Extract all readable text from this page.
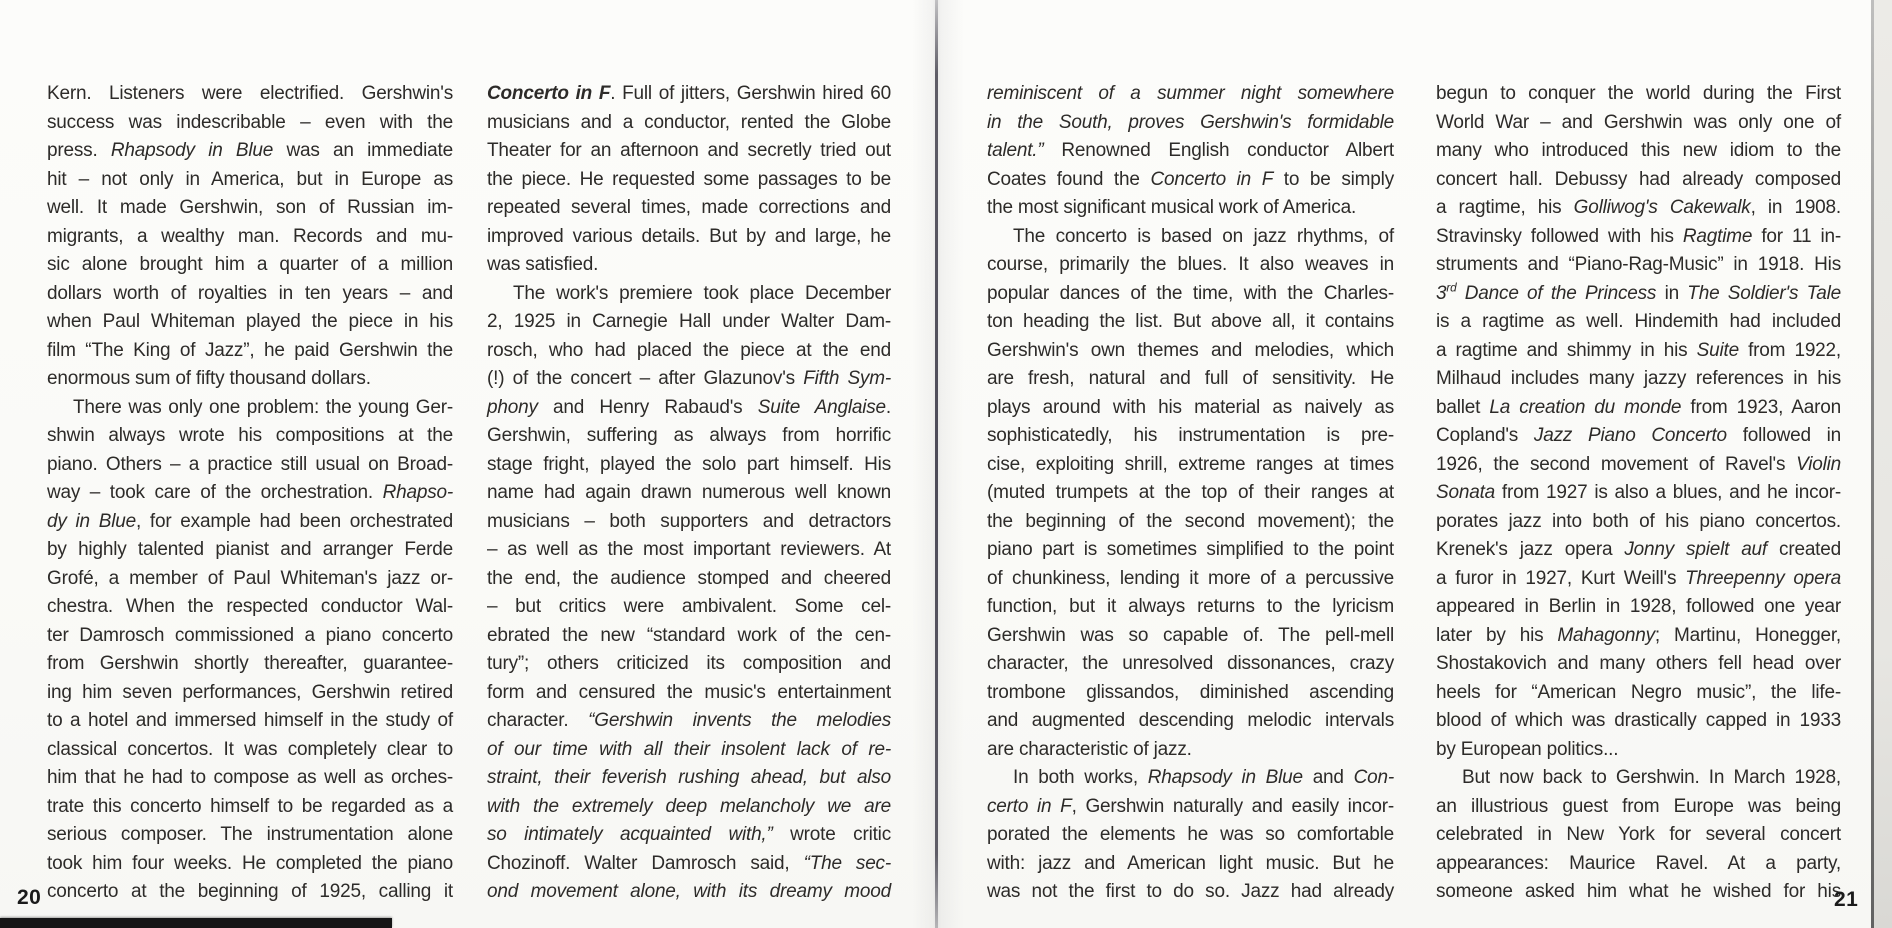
Kern. Listeners were electrified. Gershwin's
success was indescribable – even with the
press. Rhapsody in Blue was an immediate
hit – not only in America, but in Europe as
well. It made Gershwin, son of Russian im-
migrants, a wealthy man. Records and mu-
sic alone brought him a quarter of a million
dollars worth of royalties in ten years – and
when Paul Whiteman played the piece in his
film “The King of Jazz”, he paid Gershwin the
enormous sum of fifty thousand dollars.
There was only one problem: the young Ger-
shwin always wrote his compositions at the
piano. Others – a practice still usual on Broad-
way – took care of the orchestration. Rhapso-
dy in Blue, for example had been orchestrated
by highly talented pianist and arranger Ferde
Grofé, a member of Paul Whiteman's jazz or-
chestra. When the respected conductor Wal-
ter Damrosch commissioned a piano concerto
from Gershwin shortly thereafter, guarantee-
ing him seven performances, Gershwin retired
to a hotel and immersed himself in the study of
classical concertos. It was completely clear to
him that he had to compose as well as orches-
trate this concerto himself to be regarded as a
serious composer. The instrumentation alone
took him four weeks. He completed the piano
concerto at the beginning of 1925, calling it
Concerto in F. Full of jitters, Gershwin hired 60
musicians and a conductor, rented the Globe
Theater for an afternoon and secretly tried out
the piece. He requested some passages to be
repeated several times, made corrections and
improved various details. But by and large, he
was satisfied.
The work's premiere took place December
2, 1925 in Carnegie Hall under Walter Dam-
rosch, who had placed the piece at the end
(!) of the concert – after Glazunov's Fifth Sym-
phony and Henry Rabaud's Suite Anglaise.
Gershwin, suffering as always from horrific
stage fright, played the solo part himself. His
name had again drawn numerous well known
musicians – both supporters and detractors
– as well as the most important reviewers. At
the end, the audience stomped and cheered
– but critics were ambivalent. Some cel-
ebrated the new “standard work of the cen-
tury”; others criticized its composition and
form and censured the music's entertainment
character. “Gershwin invents the melodies
of our time with all their insolent lack of re-
straint, their feverish rushing ahead, but also
with the extremely deep melancholy we are
so intimately acquainted with,” wrote critic
Chozinoff. Walter Damrosch said, “The sec-
ond movement alone, with its dreamy mood
reminiscent of a summer night somewhere
in the South, proves Gershwin's formidable
talent.” Renowned English conductor Albert
Coates found the Concerto in F to be simply
the most significant musical work of America.
The concerto is based on jazz rhythms, of
course, primarily the blues. It also weaves in
popular dances of the time, with the Charles-
ton heading the list. But above all, it contains
Gershwin's own themes and melodies, which
are fresh, natural and full of sensitivity. He
plays around with his material as naively as
sophisticatedly, his instrumentation is pre-
cise, exploiting shrill, extreme ranges at times
(muted trumpets at the top of their ranges at
the beginning of the second movement); the
piano part is sometimes simplified to the point
of chunkiness, lending it more of a percussive
function, but it always returns to the lyricism
Gershwin was so capable of. The pell-mell
character, the unresolved dissonances, crazy
trombone glissandos, diminished ascending
and augmented descending melodic intervals
are characteristic of jazz.
In both works, Rhapsody in Blue and Con-
certo in F, Gershwin naturally and easily incor-
porated the elements he was so comfortable
with: jazz and American light music. But he
was not the first to do so. Jazz had already
begun to conquer the world during the First
World War – and Gershwin was only one of
many who introduced this new idiom to the
concert hall. Debussy had already composed
a ragtime, his Golliwog's Cakewalk, in 1908.
Stravinsky followed with his Ragtime for 11 in-
struments and “Piano-Rag-Music” in 1918. His
3rd Dance of the Princess in The Soldier's Tale
is a ragtime as well. Hindemith had included
a ragtime and shimmy in his Suite from 1922,
Milhaud includes many jazzy references in his
ballet La creation du monde from 1923, Aaron
Copland's Jazz Piano Concerto followed in
1926, the second movement of Ravel's Violin
Sonata from 1927 is also a blues, and he incor-
porates jazz into both of his piano concertos.
Krenek's jazz opera Jonny spielt auf created
a furor in 1927, Kurt Weill's Threepenny opera
appeared in Berlin in 1928, followed one year
later by his Mahagonny; Martinu, Honegger,
Shostakovich and many others fell head over
heels for “American Negro music”, the life-
blood of which was drastically capped in 1933
by European politics...
But now back to Gershwin. In March 1928,
an illustrious guest from Europe was being
celebrated in New York for several concert
appearances: Maurice Ravel. At a party,
someone asked him what he wished for his
20	21
